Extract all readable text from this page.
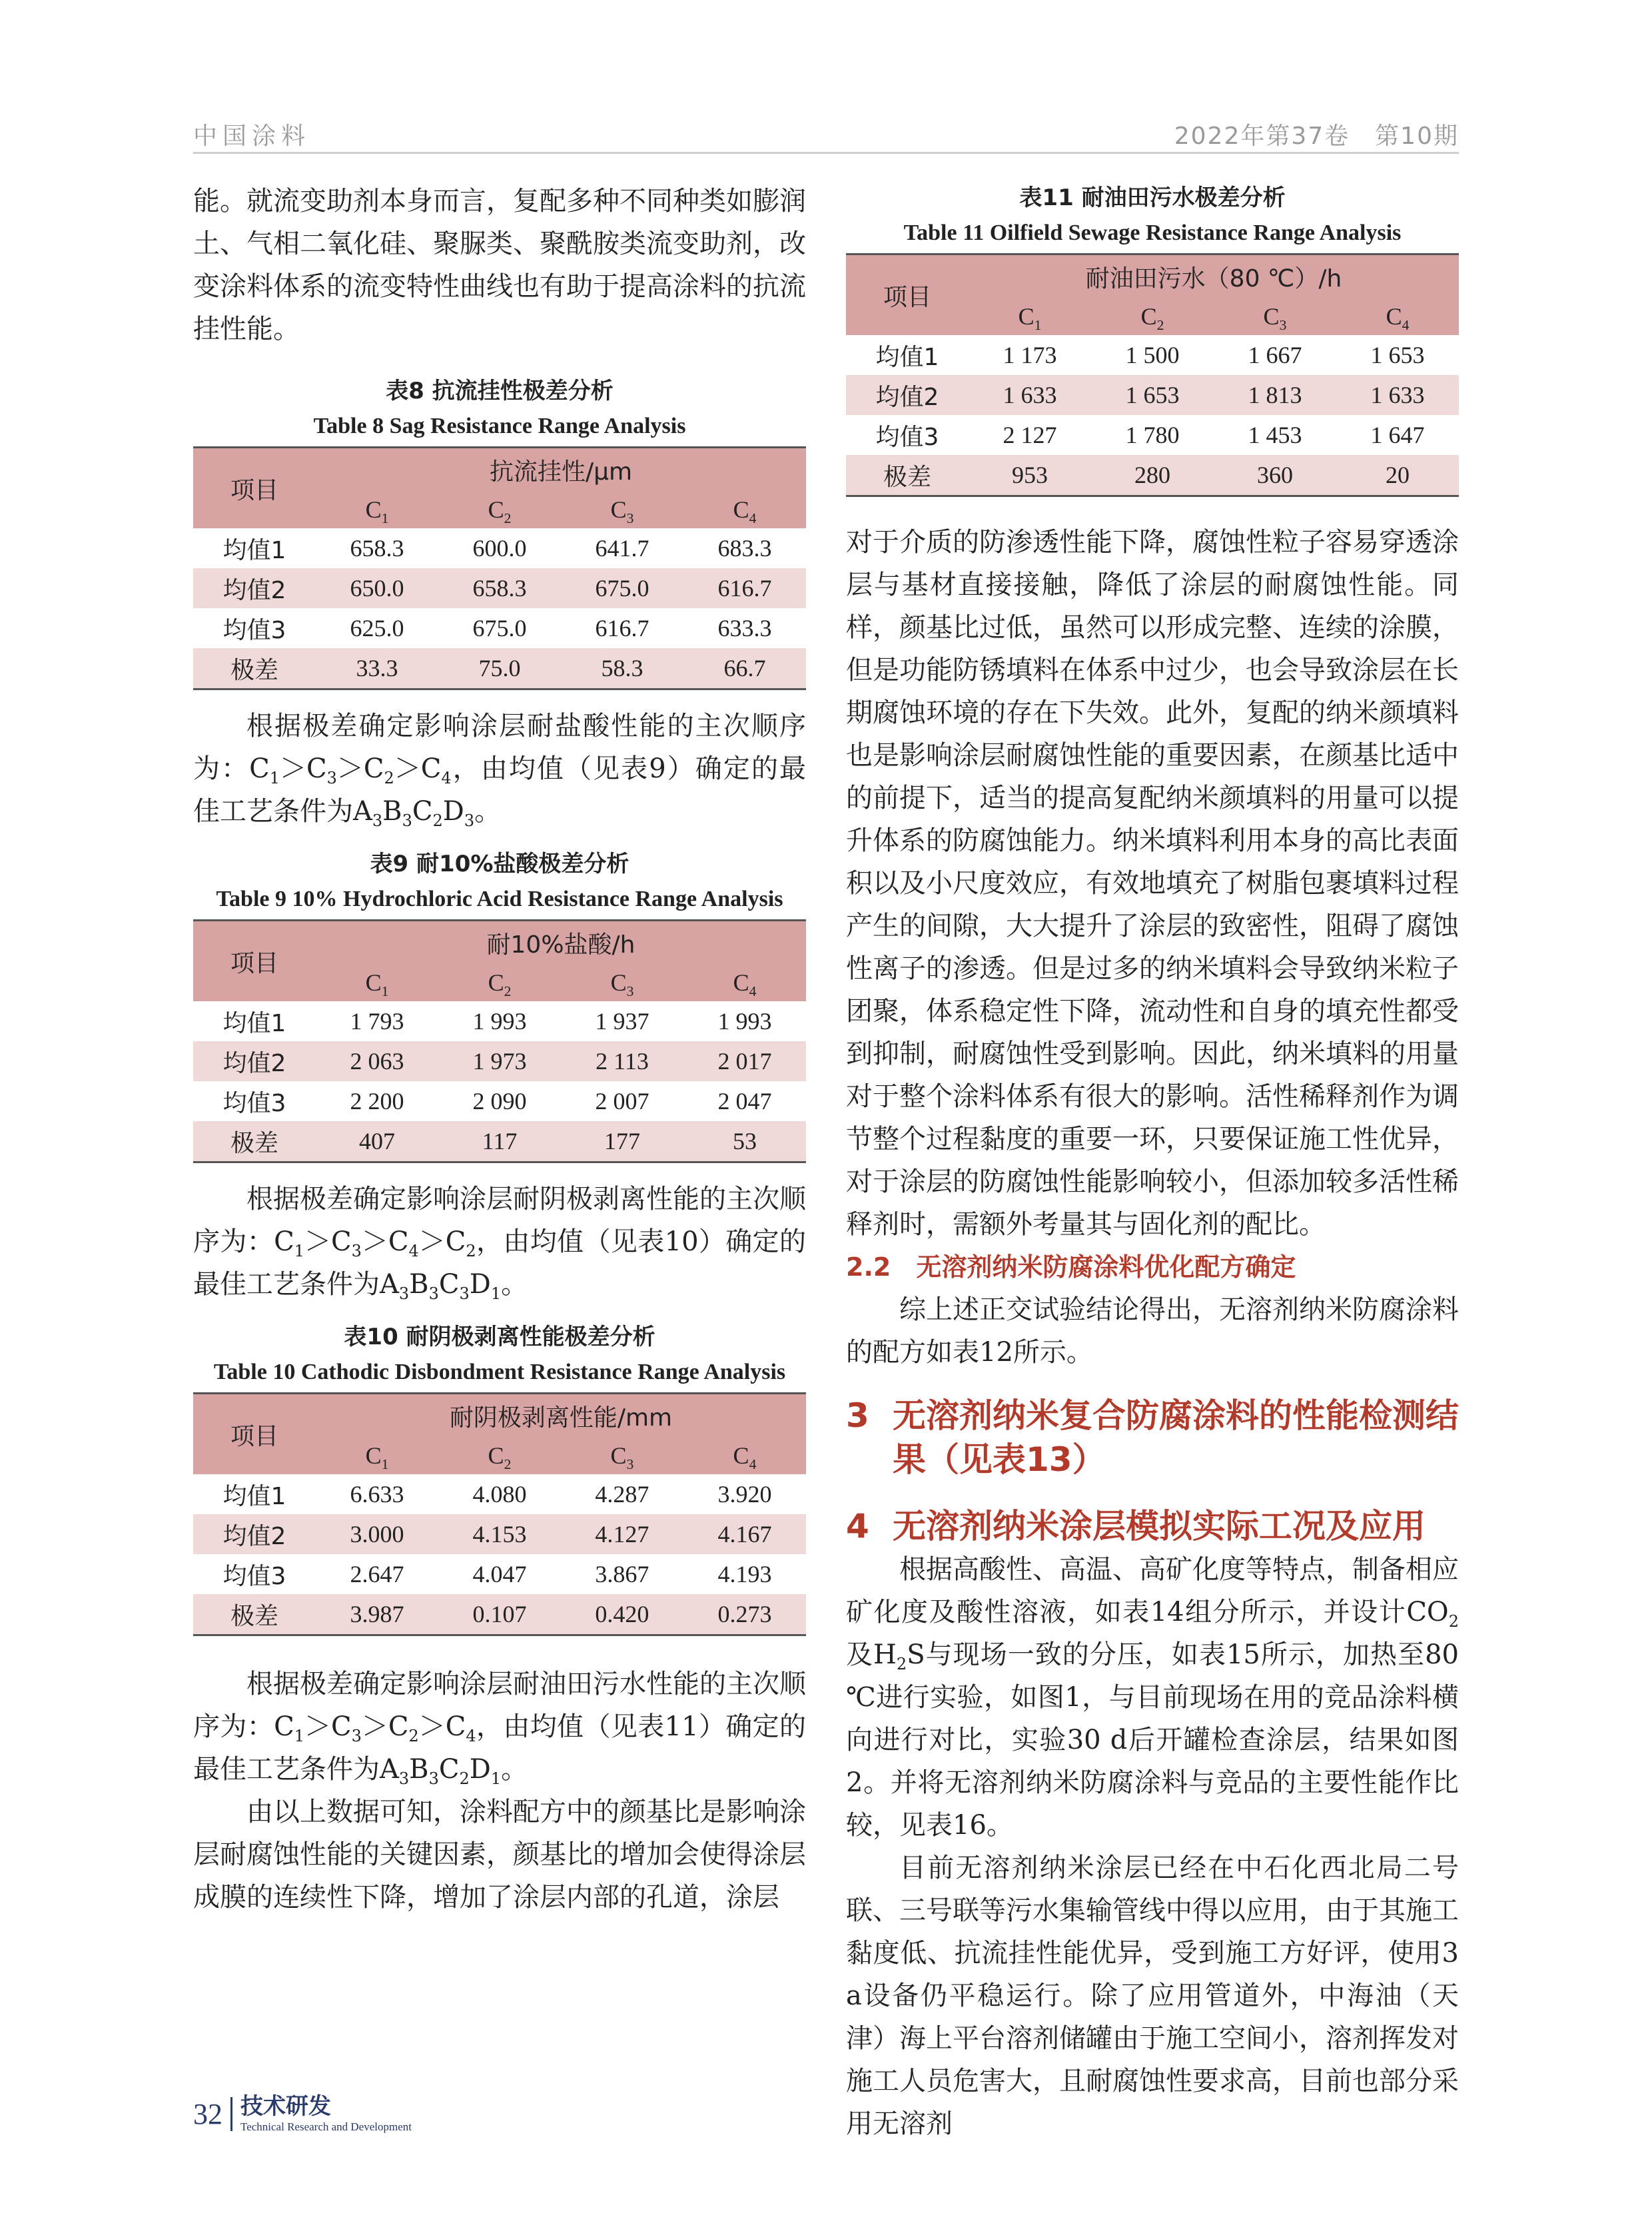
中国涂料	2022年第37卷　第10期

能。就流变助剂本身而言，复配多种不同种类如膨润土、气相二氧化硅、聚脲类、聚酰胺类流变助剂，改变涂料体系的流变特性曲线也有助于提高涂料的抗流挂性能。

表8 抗流挂性极差分析
Table 8 Sag Resistance Range Analysis
项目	抗流挂性/μm			
	$C_1$	$C_2$	$C_3$	$C_4$
均值1	658.3	600.0	641.7	683.3
均值2	650.0	658.3	675.0	616.7
均值3	625.0	675.0	616.7	633.3
极差	33.3	75.0	58.3	66.7

根据极差确定影响涂层耐盐酸性能的主次顺序为：$C_1>C_3>C_2>C_4$，由均值（见表9）确定的最佳工艺条件为$A_3B_3C_2D_3$。

表9 耐10%盐酸极差分析
Table 9 10% Hydrochloric Acid Resistance Range Analysis
项目	耐10%盐酸/h			
	$C_1$	$C_2$	$C_3$	$C_4$
均值1	1 793	1 993	1 937	1 993
均值2	2 063	1 973	2 113	2 017
均值3	2 200	2 090	2 007	2 047
极差	407	117	177	53

根据极差确定影响涂层耐阴极剥离性能的主次顺序为：$C_1>C_3>C_4>C_2$，由均值（见表10）确定的最佳工艺条件为$A_3B_3C_3D_1$。

表10 耐阴极剥离性能极差分析
Table 10 Cathodic Disbondment Resistance Range Analysis
项目	耐阴极剥离性能/mm			
	$C_1$	$C_2$	$C_3$	$C_4$
均值1	6.633	4.080	4.287	3.920
均值2	3.000	4.153	4.127	4.167
均值3	2.647	4.047	3.867	4.193
极差	3.987	0.107	0.420	0.273

根据极差确定影响涂层耐油田污水性能的主次顺序为：$C_1>C_3>C_2>C_4$，由均值（见表11）确定的最佳工艺条件为$A_3B_3C_2D_1$。

由以上数据可知，涂料配方中的颜基比是影响涂层耐腐蚀性能的关键因素，颜基比的增加会使得涂层成膜的连续性下降，增加了涂层内部的孔道，涂层

表11 耐油田污水极差分析
Table 11 Oilfield Sewage Resistance Range Analysis
项目	耐油田污水（80 ℃）/h			
	$C_1$	$C_2$	$C_3$	$C_4$
均值1	1 173	1 500	1 667	1 653
均值2	1 633	1 653	1 813	1 633
均值3	2 127	1 780	1 453	1 647
极差	953	280	360	20

对于介质的防渗透性能下降，腐蚀性粒子容易穿透涂层与基材直接接触，降低了涂层的耐腐蚀性能。同样，颜基比过低，虽然可以形成完整、连续的涂膜，但是功能防锈填料在体系中过少，也会导致涂层在长期腐蚀环境的存在下失效。此外，复配的纳米颜填料也是影响涂层耐腐蚀性能的重要因素，在颜基比适中的前提下，适当的提高复配纳米颜填料的用量可以提升体系的防腐蚀能力。纳米填料利用本身的高比表面积以及小尺度效应，有效地填充了树脂包裹填料过程产生的间隙，大大提升了涂层的致密性，阻碍了腐蚀性离子的渗透。但是过多的纳米填料会导致纳米粒子团聚，体系稳定性下降，流动性和自身的填充性都受到抑制，耐腐蚀性受到影响。因此，纳米填料的用量对于整个涂料体系有很大的影响。活性稀释剂作为调节整个过程黏度的重要一环，只要保证施工性优异，对于涂层的防腐蚀性能影响较小，但添加较多活性稀释剂时，需额外考量其与固化剂的配比。

2.2　无溶剂纳米防腐涂料优化配方确定

综上述正交试验结论得出，无溶剂纳米防腐涂料的配方如表12所示。

3 无溶剂纳米复合防腐涂料的性能检测结果（见表13）
4 无溶剂纳米涂层模拟实际工况及应用

根据高酸性、高温、高矿化度等特点，制备相应矿化度及酸性溶液，如表14组分所示，并设计$CO_2$及$H_2S$与现场一致的分压，如表15所示，加热至80 ℃进行实验，如图1，与目前现场在用的竞品涂料横向进行对比，实验30 d后开罐检查涂层，结果如图2。并将无溶剂纳米防腐涂料与竞品的主要性能作比较，见表16。

目前无溶剂纳米涂层已经在中石化西北局二号联、三号联等污水集输管线中得以应用，由于其施工黏度低、抗流挂性能优异，受到施工方好评，使用3 a设备仍平稳运行。除了应用管道外，中海油（天津）海上平台溶剂储罐由于施工空间小，溶剂挥发对施工人员危害大，且耐腐蚀性要求高，目前也部分采用无溶剂

32 技术研发
Technical Research and Development
